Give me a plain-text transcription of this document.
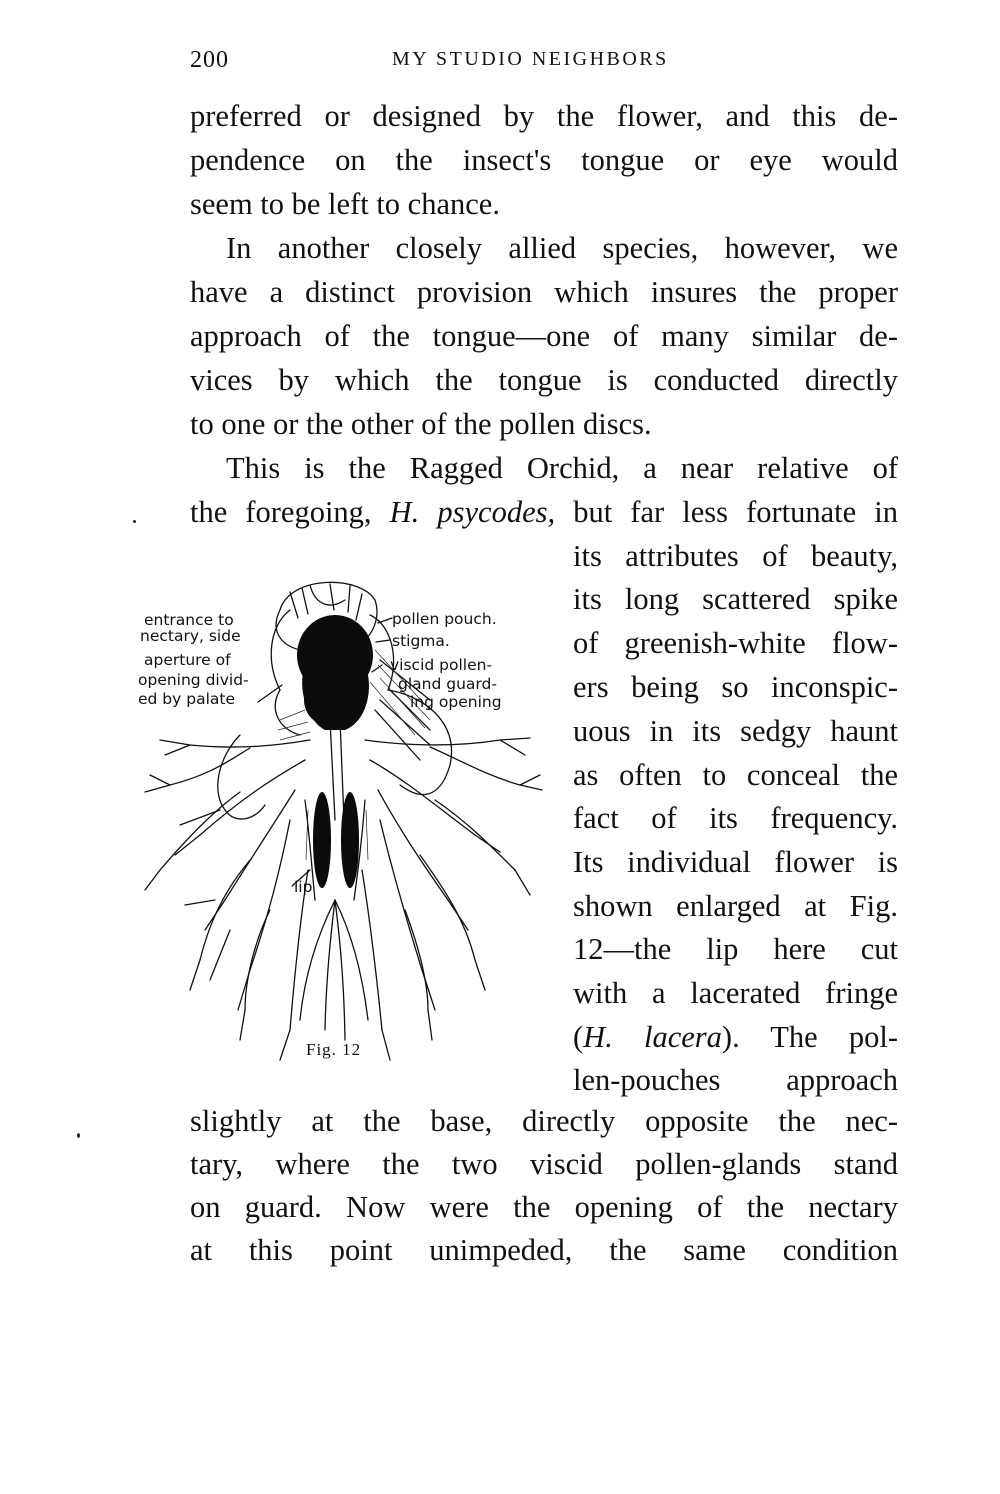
200	MY STUDIO NEIGHBORS
preferred or designed by the flower, and this de-
pendence on the insect's tongue or eye would
seem to be left to chance.
In another closely allied species, however, we
have a distinct provision which insures the proper
approach of the tongue—one of many similar de-
vices by which the tongue is conducted directly
to one or the other of the pollen discs.
This is the Ragged Orchid, a near relative of
the foregoing, H. psycodes, but far less fortunate in
its attributes of beauty,
its long scattered spike
of greenish-white flow-
ers being so inconspic-
uous in its sedgy haunt
as often to conceal the
fact of its frequency.
Its individual flower is
shown enlarged at Fig.
12—the lip here cut
with a lacerated fringe
(H. lacera). The pol-
len-pouches approach
slightly at the base, directly opposite the nec-
tary, where the two viscid pollen-glands stand
on guard. Now were the opening of the nectary
at this point unimpeded, the same condition
entrance to
nectary, side
aperture of
opening divid-
ed by palate
pollen pouch.
stigma.
viscid pollen-
gland guard-
ing opening
lip
Fig. 12
